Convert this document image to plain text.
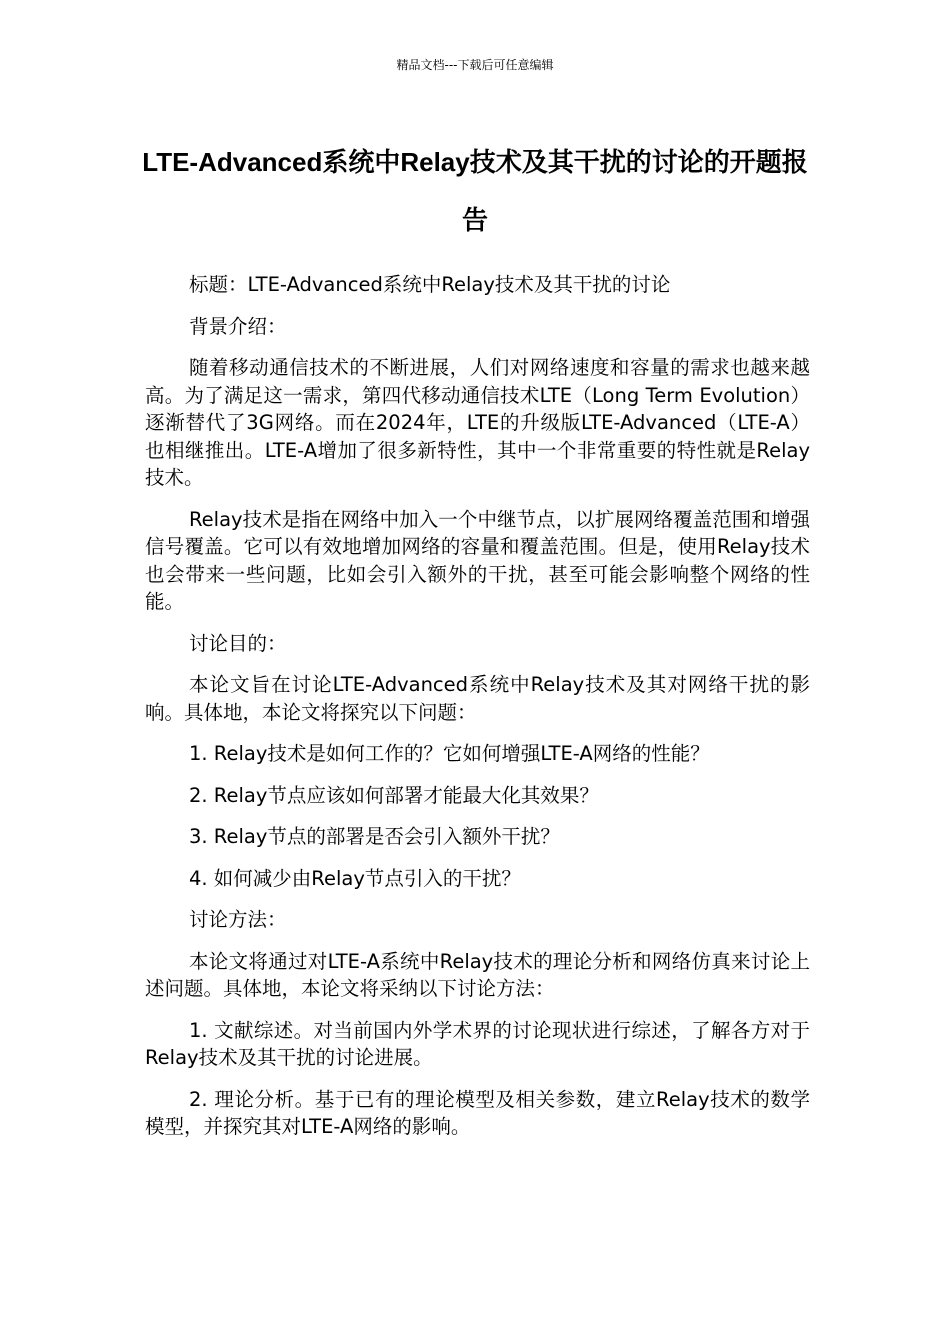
精品文档---下载后可任意编辑
LTE-Advanced系统中Relay技术及其干扰的讨论的开题报告

标题：LTE-Advanced系统中Relay技术及其干扰的讨论

背景介绍：

随着移动通信技术的不断进展，人们对网络速度和容量的需求也越来越高。为了满足这一需求，第四代移动通信技术LTE（Long Term Evolution）逐渐替代了3G网络。而在2024年，LTE的升级版LTE-Advanced（LTE-A）也相继推出。LTE-A增加了很多新特性，其中一个非常重要的特性就是Relay技术。

Relay技术是指在网络中加入一个中继节点，以扩展网络覆盖范围和增强信号覆盖。它可以有效地增加网络的容量和覆盖范围。但是，使用Relay技术也会带来一些问题，比如会引入额外的干扰，甚至可能会影响整个网络的性能。

讨论目的：

本论文旨在讨论LTE-Advanced系统中Relay技术及其对网络干扰的影响。具体地，本论文将探究以下问题：

1. Relay技术是如何工作的？它如何增强LTE-A网络的性能？

2. Relay节点应该如何部署才能最大化其效果？

3. Relay节点的部署是否会引入额外干扰？

4. 如何减少由Relay节点引入的干扰？

讨论方法：

本论文将通过对LTE-A系统中Relay技术的理论分析和网络仿真来讨论上述问题。具体地，本论文将采纳以下讨论方法：

1. 文献综述。对当前国内外学术界的讨论现状进行综述，了解各方对于Relay技术及其干扰的讨论进展。

2. 理论分析。基于已有的理论模型及相关参数，建立Relay技术的数学模型，并探究其对LTE-A网络的影响。
